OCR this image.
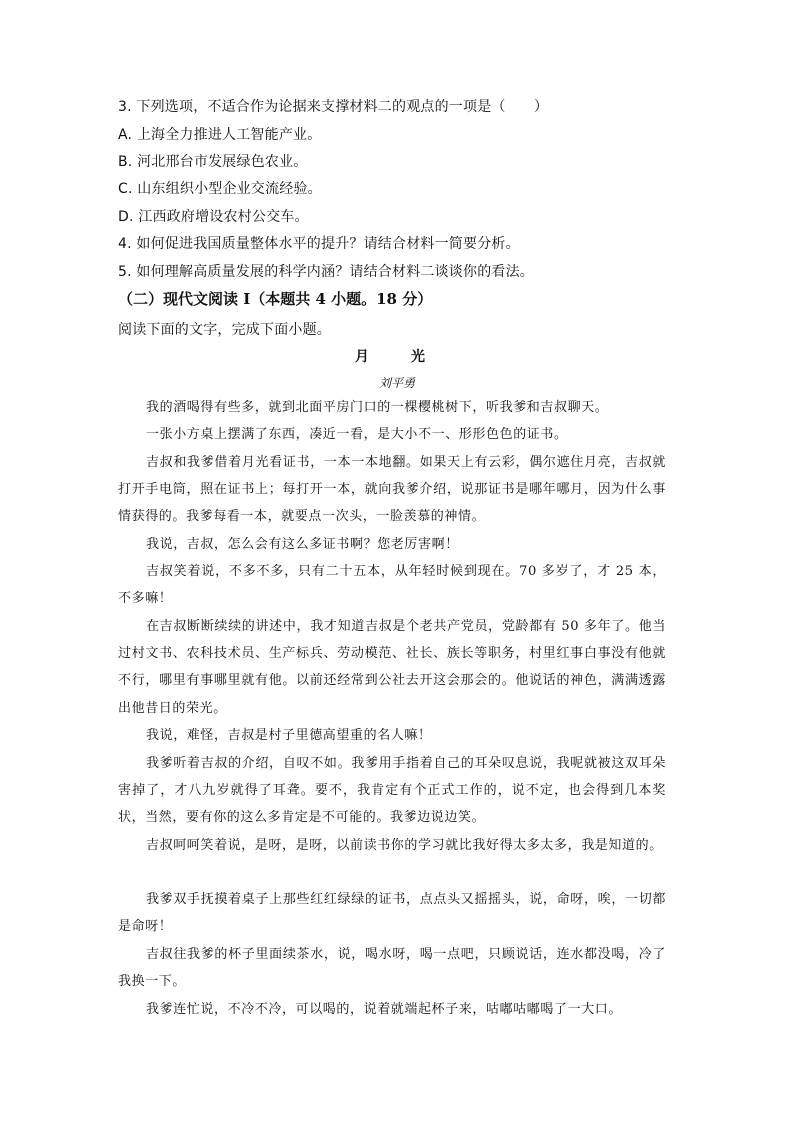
3. 下列选项，不适合作为论据来支撑材料二的观点的一项是（　　）
A. 上海全力推进人工智能产业。
B. 河北邢台市发展绿色农业。
C. 山东组织小型企业交流经验。
D. 江西政府增设农村公交车。
4. 如何促进我国质量整体水平的提升？请结合材料一简要分析。
5. 如何理解高质量发展的科学内涵？请结合材料二谈谈你的看法。
（二）现代文阅读 I（本题共 4 小题。18 分）
阅读下面的文字，完成下面小题。
月　光
刘平勇
我的酒喝得有些多，就到北面平房门口的一棵樱桃树下，听我爹和吉叔聊天。
一张小方桌上摆满了东西，凑近一看，是大小不一、形形色色的证书。
吉叔和我爹借着月光看证书，一本一本地翻。如果天上有云彩，偶尔遮住月亮，吉叔就打开手电筒，照在证书上；每打开一本，就向我爹介绍，说那证书是哪年哪月，因为什么事情获得的。我爹每看一本，就要点一次头，一脸羡慕的神情。
我说，吉叔，怎么会有这么多证书啊？您老厉害啊！
吉叔笑着说，不多不多，只有二十五本，从年轻时候到现在。70 多岁了，才 25 本，不多嘛！
在吉叔断断续续的讲述中，我才知道吉叔是个老共产党员，党龄都有 50 多年了。他当过村文书、农科技术员、生产标兵、劳动模范、社长、族长等职务，村里红事白事没有他就不行，哪里有事哪里就有他。以前还经常到公社去开这会那会的。他说话的神色，满满透露出他昔日的荣光。
我说，难怪，吉叔是村子里德高望重的名人嘛！
我爹听着吉叔的介绍，自叹不如。我爹用手指着自己的耳朵叹息说，我呢就被这双耳朵害掉了，才八九岁就得了耳聋。要不，我肯定有个正式工作的，说不定，也会得到几本奖状，当然，要有你的这么多肯定是不可能的。我爹边说边笑。
吉叔呵呵笑着说，是呀，是呀，以前读书你的学习就比我好得太多太多，我是知道的。
我爹双手抚摸着桌子上那些红红绿绿的证书，点点头又摇摇头，说，命呀，唉，一切都是命呀！
吉叔往我爹的杯子里面续茶水，说，喝水呀，喝一点吧，只顾说话，连水都没喝，冷了我换一下。
我爹连忙说，不冷不冷，可以喝的，说着就端起杯子来，咕嘟咕嘟喝了一大口。
